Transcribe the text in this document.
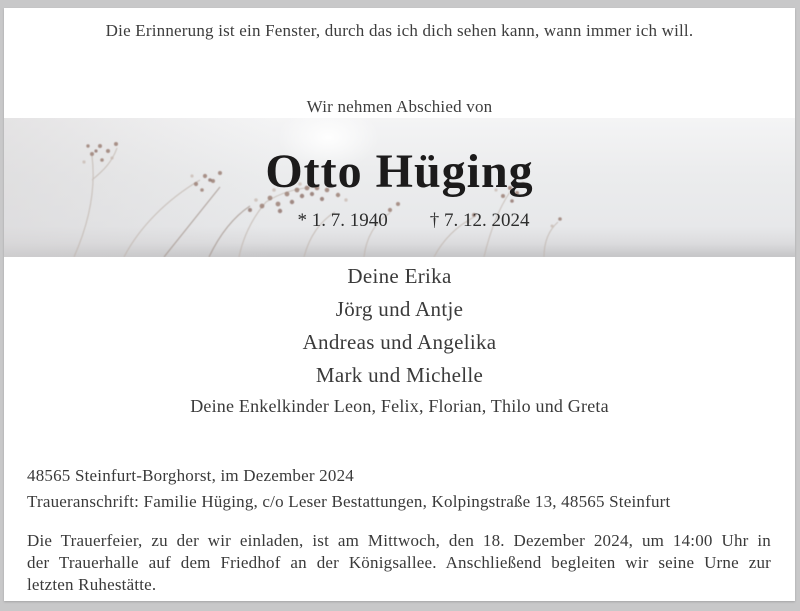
Die Erinnerung ist ein Fenster, durch das ich dich sehen kann, wann immer ich will.
Wir nehmen Abschied von
Otto Hüging
* 1. 7. 1940 † 7. 12. 2024
Deine Erika
Jörg und Antje
Andreas und Angelika
Mark und Michelle
Deine Enkelkinder Leon, Felix, Florian, Thilo und Greta
48565 Steinfurt-Borghorst, im Dezember 2024
Traueranschrift: Familie Hüging, c/o Leser Bestattungen, Kolpingstraße 13, 48565 Steinfurt
Die Trauerfeier, zu der wir einladen, ist am Mittwoch, den 18. Dezember 2024, um 14:00 Uhr in
der Trauerhalle auf dem Friedhof an der Königsallee. Anschließend begleiten wir seine Urne zur
letzten Ruhestätte.
